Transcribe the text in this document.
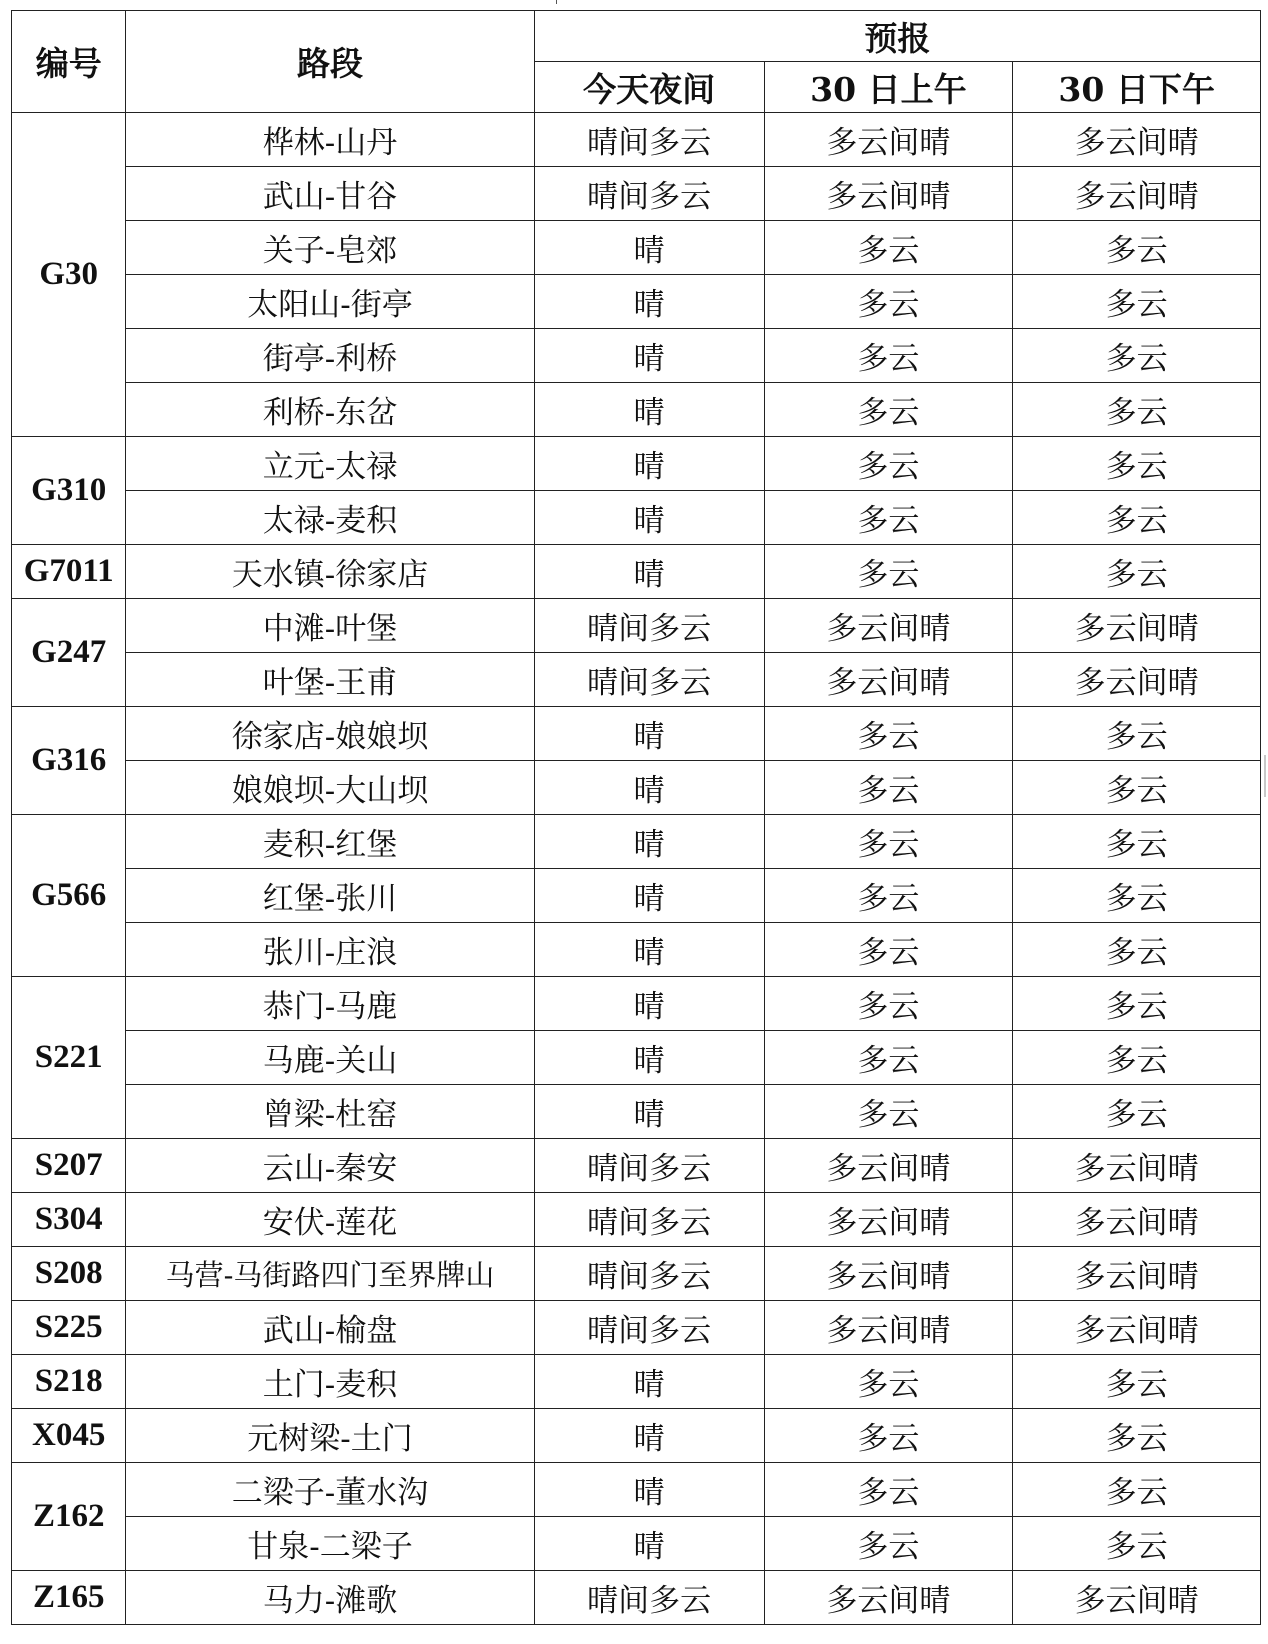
编号	路段	预报		
		今天夜间	30 日上午	30 日下午
G30	桦林-山丹	晴间多云	多云间晴	多云间晴
	武山-甘谷	晴间多云	多云间晴	多云间晴
	关子-皂郊	晴	多云	多云
	太阳山-街亭	晴	多云	多云
	街亭-利桥	晴	多云	多云
	利桥-东岔	晴	多云	多云
G310	立元-太禄	晴	多云	多云
	太禄-麦积	晴	多云	多云
G7011	天水镇-徐家店	晴	多云	多云
G247	中滩-叶堡	晴间多云	多云间晴	多云间晴
	叶堡-王甫	晴间多云	多云间晴	多云间晴
G316	徐家店-娘娘坝	晴	多云	多云
	娘娘坝-大山坝	晴	多云	多云
G566	麦积-红堡	晴	多云	多云
	红堡-张川	晴	多云	多云
	张川-庄浪	晴	多云	多云
S221	恭门-马鹿	晴	多云	多云
	马鹿-关山	晴	多云	多云
	曾梁-杜窑	晴	多云	多云
S207	云山-秦安	晴间多云	多云间晴	多云间晴
S304	安伏-莲花	晴间多云	多云间晴	多云间晴
S208	马营-马街路四门至界牌山	晴间多云	多云间晴	多云间晴
S225	武山-榆盘	晴间多云	多云间晴	多云间晴
S218	土门-麦积	晴	多云	多云
X045	元树梁-土门	晴	多云	多云
Z162	二梁子-董水沟	晴	多云	多云
	甘泉-二梁子	晴	多云	多云
Z165	马力-滩歌	晴间多云	多云间晴	多云间晴
